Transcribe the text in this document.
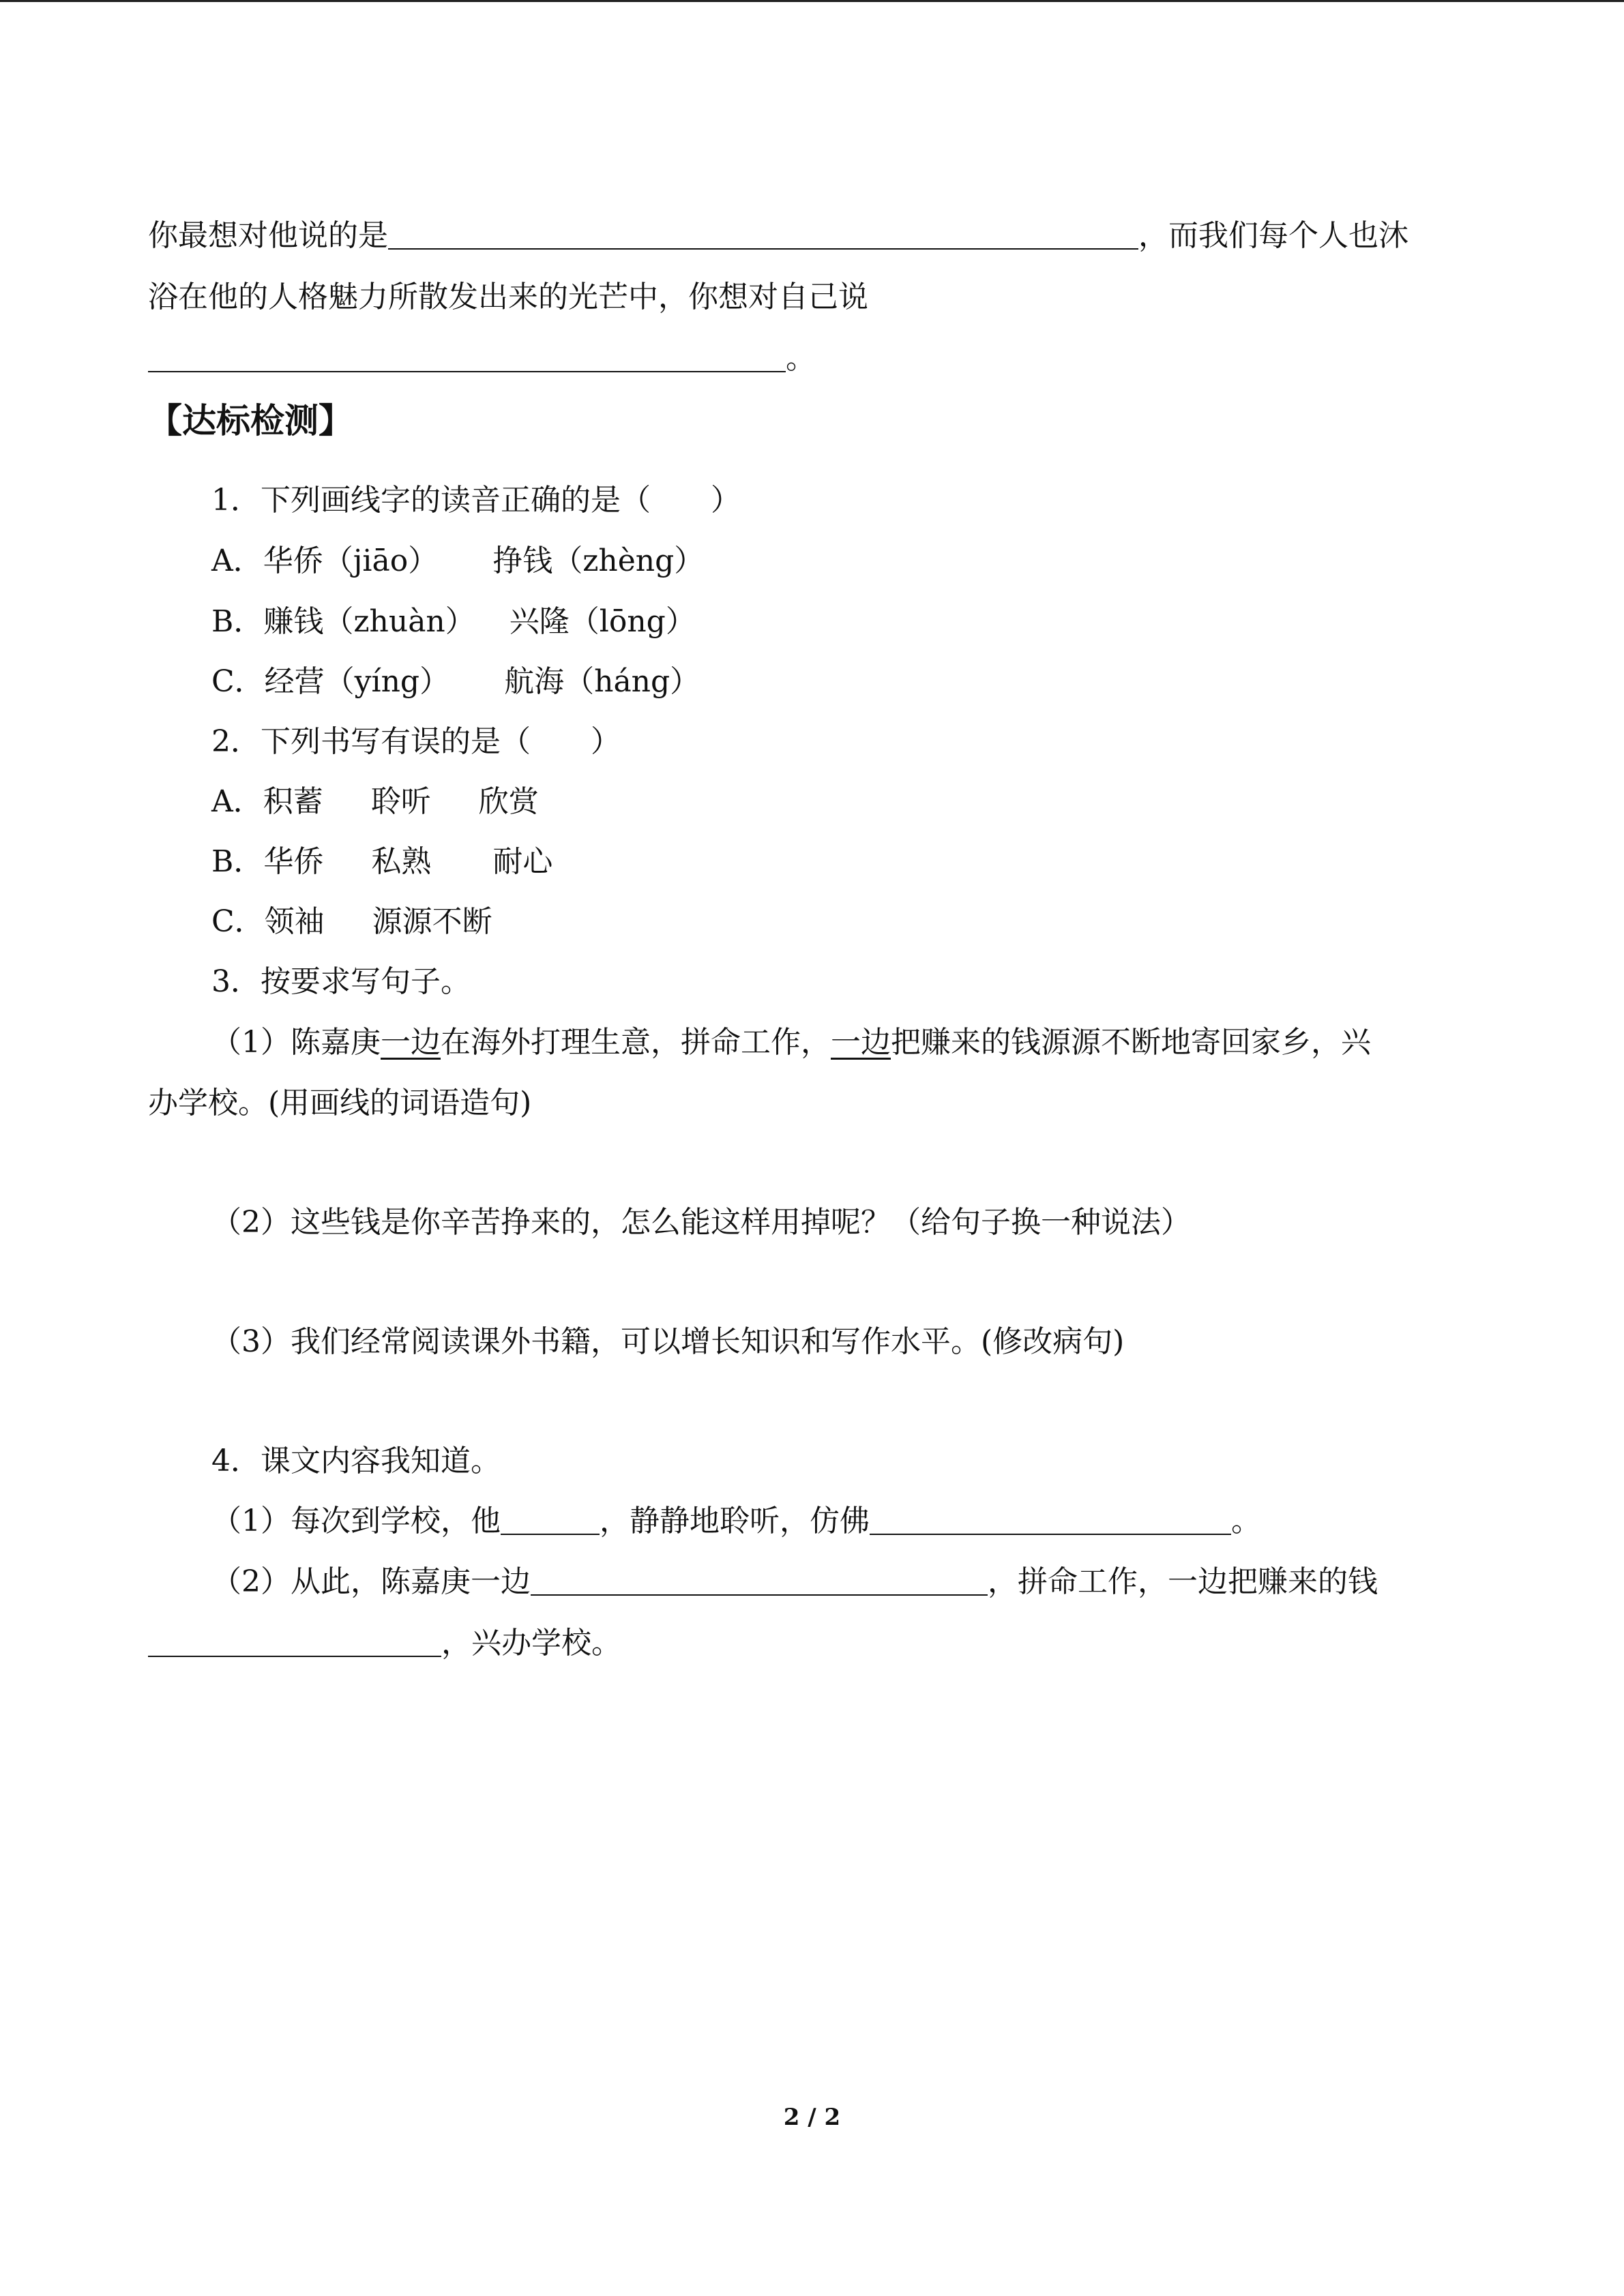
你最想对他说的是	，而我们每个人也沐
浴在他的人格魅力所散发出来的光芒中，你想对自己说
。
【达标检测】
1．下列画线字的读音正确的是（　　）
A．华侨（jiāo） 挣钱（zhèng）
B．赚钱（zhuàn） 兴隆（lōng）
C．经营（yíng） 航海（háng）
2．下列书写有误的是（　　）
A．积蓄 聆听 欣赏
B．华侨 私熟 耐心
C．领袖 源源不断
3．按要求写句子。
（1）陈嘉庚一边在海外打理生意，拼命工作，一边把赚来的钱源源不断地寄回家乡，兴
办学校。(用画线的词语造句)
（2）这些钱是你辛苦挣来的，怎么能这样用掉呢？（给句子换一种说法）
（3）我们经常阅读课外书籍，可以增长知识和写作水平。(修改病句)
4．课文内容我知道。
（1）每次到学校，他	，静静地聆听，仿佛	。
（2）从此，陈嘉庚一边	，拼命工作，一边把赚来的钱
，兴办学校。
2 / 2
